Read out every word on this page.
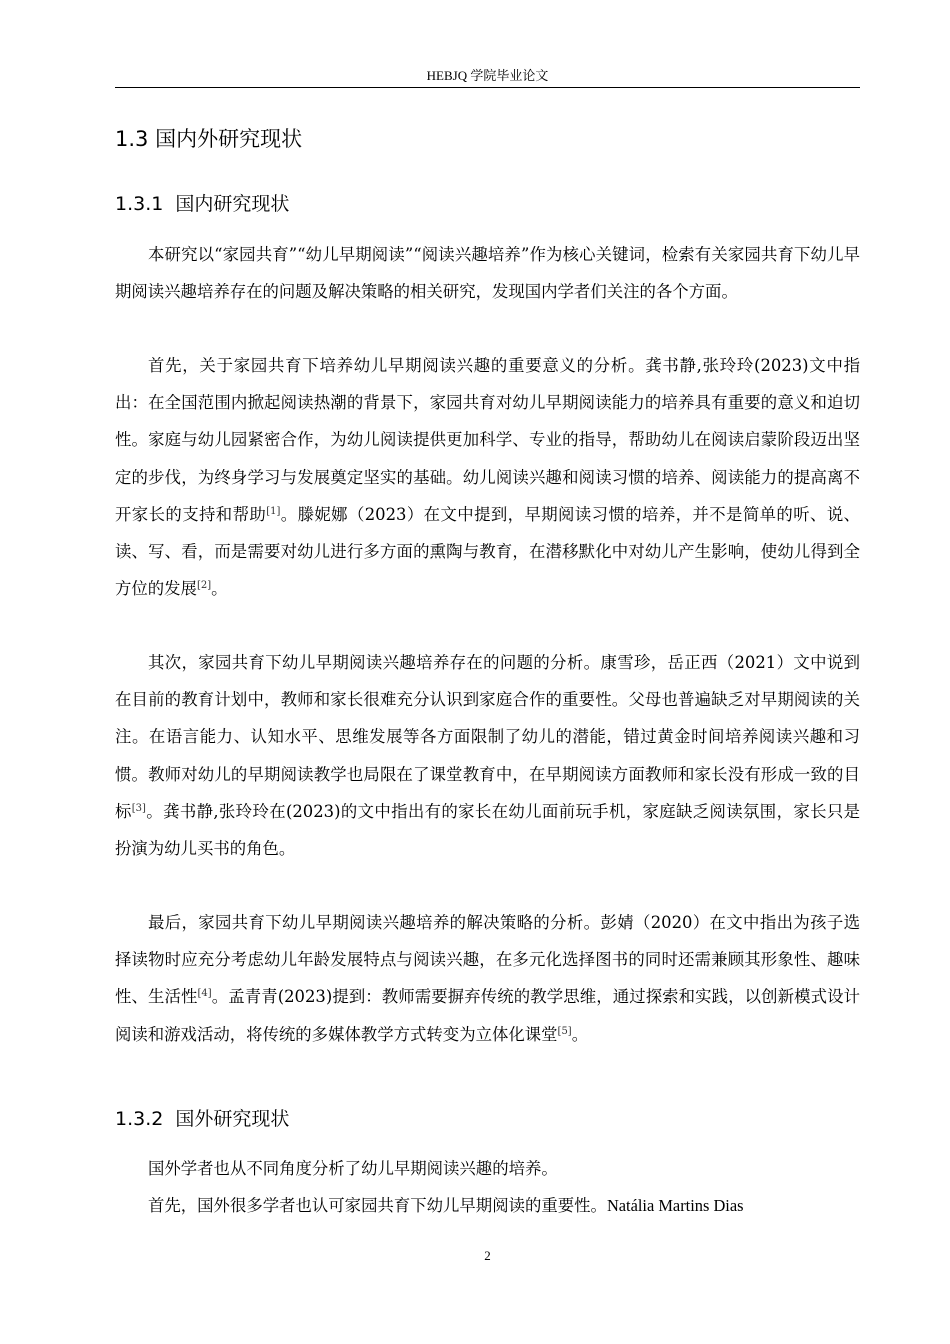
HEBJQ 学院毕业论文
1.3 国内外研究现状
1.3.1 国内研究现状

本研究以“家园共育”“幼儿早期阅读”“阅读兴趣培养”作为核心关键词，检索有关家园共育下幼儿早期阅读兴趣培养存在的问题及解决策略的相关研究，发现国内学者们关注的各个方面。

首先，关于家园共育下培养幼儿早期阅读兴趣的重要意义的分析。龚书静,张玲玲(2023)文中指出：在全国范围内掀起阅读热潮的背景下，家园共育对幼儿早期阅读能力的培养具有重要的意义和迫切性。家庭与幼儿园紧密合作，为幼儿阅读提供更加科学、专业的指导，帮助幼儿在阅读启蒙阶段迈出坚定的步伐，为终身学习与发展奠定坚实的基础。幼儿阅读兴趣和阅读习惯的培养、阅读能力的提高离不开家长的支持和帮助[1]。滕妮娜（2023）在文中提到，早期阅读习惯的培养，并不是简单的听、说、读、写、看，而是需要对幼儿进行多方面的熏陶与教育，在潜移默化中对幼儿产生影响，使幼儿得到全方位的发展[2]。

其次，家园共育下幼儿早期阅读兴趣培养存在的问题的分析。康雪珍，岳正西（2021）文中说到在目前的教育计划中，教师和家长很难充分认识到家庭合作的重要性。父母也普遍缺乏对早期阅读的关注。在语言能力、认知水平、思维发展等各方面限制了幼儿的潜能，错过黄金时间培养阅读兴趣和习惯。教师对幼儿的早期阅读教学也局限在了课堂教育中，在早期阅读方面教师和家长没有形成一致的目标[3]。龚书静,张玲玲在(2023)的文中指出有的家长在幼儿面前玩手机，家庭缺乏阅读氛围，家长只是扮演为幼儿买书的角色。

最后，家园共育下幼儿早期阅读兴趣培养的解决策略的分析。彭婧（2020）在文中指出为孩子选择读物时应充分考虑幼儿年龄发展特点与阅读兴趣，在多元化选择图书的同时还需兼顾其形象性、趣味性、生活性[4]。孟青青(2023)提到：教师需要摒弃传统的教学思维，通过探索和实践，以创新模式设计阅读和游戏活动，将传统的多媒体教学方式转变为立体化课堂[5]。

1.3.2 国外研究现状

国外学者也从不同角度分析了幼儿早期阅读兴趣的培养。

首先，国外很多学者也认可家园共育下幼儿早期阅读的重要性。Natália Martins Dias

2
